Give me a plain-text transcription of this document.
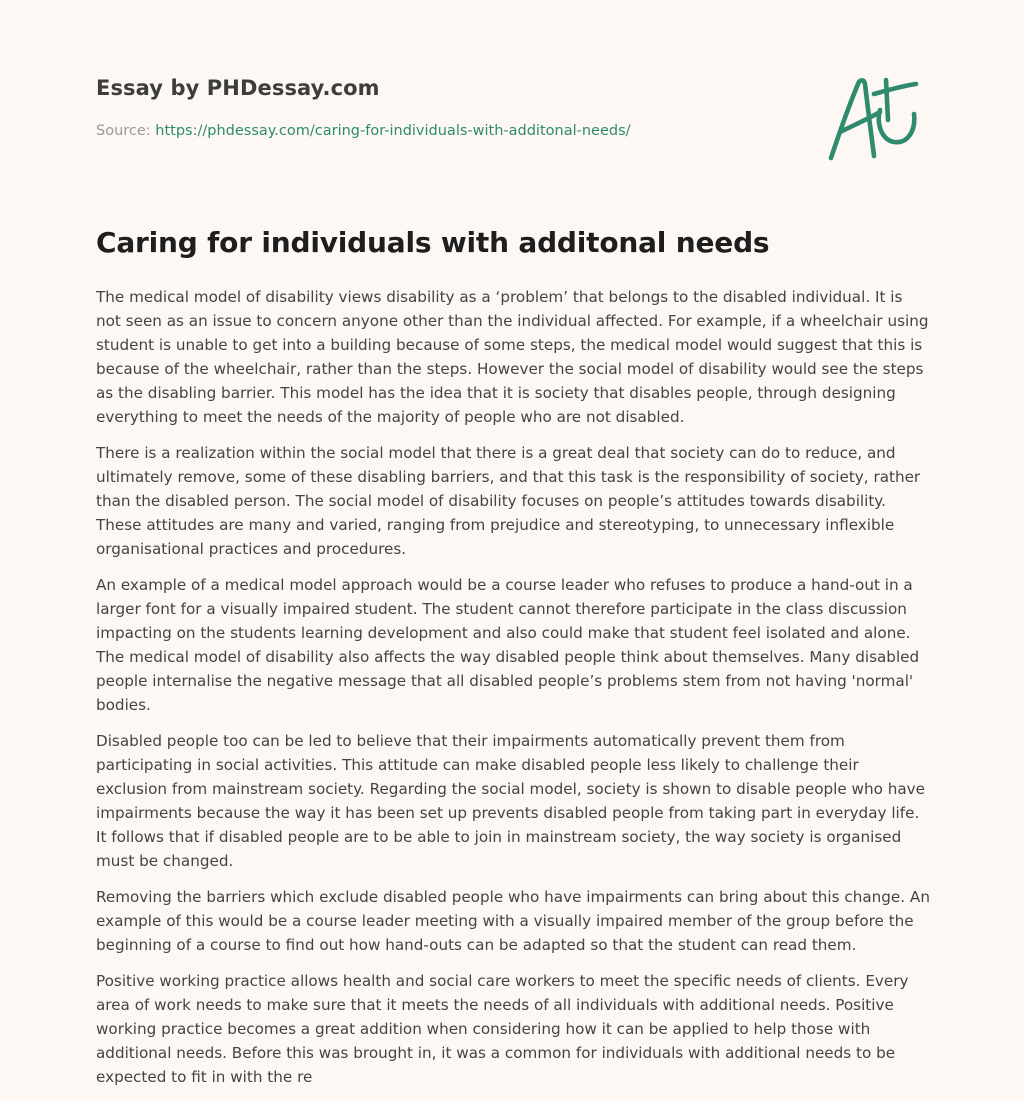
Essay by PHDessay.com
Source: https://phdessay.com/caring-for-individuals-with-additonal-needs/
Caring for individuals with additonal needs

The medical model of disability views disability as a ‘problem’ that belongs to the disabled individual. It is not seen as an issue to concern anyone other than the individual affected. For example, if a wheelchair using student is unable to get into a building because of some steps, the medical model would suggest that this is because of the wheelchair, rather than the steps. However the social model of disability would see the steps as the disabling barrier. This model has the idea that it is society that disables people, through designing everything to meet the needs of the majority of people who are not disabled.

There is a realization within the social model that there is a great deal that society can do to reduce, and ultimately remove, some of these disabling barriers, and that this task is the responsibility of society, rather than the disabled person. The social model of disability focuses on people’s attitudes towards disability. These attitudes are many and varied, ranging from prejudice and stereotyping, to unnecessary inflexible organisational practices and procedures.

An example of a medical model approach would be a course leader who refuses to produce a hand-out in a larger font for a visually impaired student. The student cannot therefore participate in the class discussion impacting on the students learning development and also could make that student feel isolated and alone. The medical model of disability also affects the way disabled people think about themselves. Many disabled people internalise the negative message that all disabled people’s problems stem from not having 'normal' bodies.

Disabled people too can be led to believe that their impairments automatically prevent them from participating in social activities. This attitude can make disabled people less likely to challenge their exclusion from mainstream society. Regarding the social model, society is shown to disable people who have impairments because the way it has been set up prevents disabled people from taking part in everyday life. It follows that if disabled people are to be able to join in mainstream society, the way society is organised must be changed.

Removing the barriers which exclude disabled people who have impairments can bring about this change. An example of this would be a course leader meeting with a visually impaired member of the group before the beginning of a course to find out how hand-outs can be adapted so that the student can read them.

Positive working practice allows health and social care workers to meet the specific needs of clients. Every area of work needs to make sure that it meets the needs of all individuals with additional needs. Positive working practice becomes a great addition when considering how it can be applied to help those with additional needs. Before this was brought in, it was a common for individuals with additional needs to be expected to fit in with the re
